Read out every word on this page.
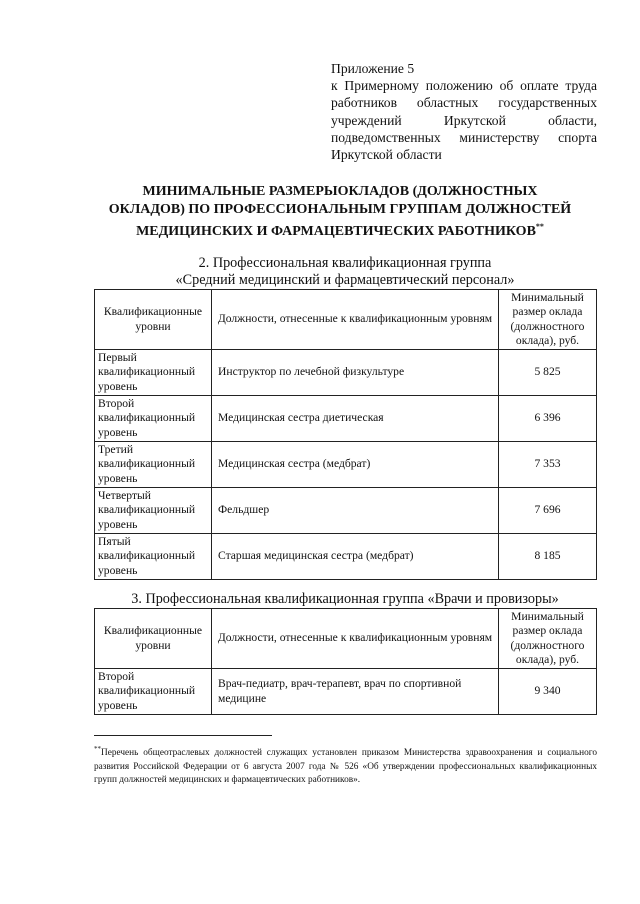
Приложение 5
к Примерному положению об оплате труда
работников областных государственных
учреждений Иркутской области,
подведомственных министерству спорта
Иркутской области
МИНИМАЛЬНЫЕ РАЗМЕРЫОКЛАДОВ (ДОЛЖНОСТНЫХ
ОКЛАДОВ) ПО ПРОФЕССИОНАЛЬНЫМ ГРУППАМ ДОЛЖНОСТЕЙ
МЕДИЦИНСКИХ И ФАРМАЦЕВТИЧЕСКИХ РАБОТНИКОВ**
2. Профессиональная квалификационная группа
«Средний медицинский и фармацевтический персонал»
Квалификационные уровни	Должности, отнесенные к квалификационным уровням	Минимальный размер оклада (должностного оклада), руб.
Первый квалификационный уровень	Инструктор по лечебной физкультуре	5 825
Второй квалификационный уровень	Медицинская сестра диетическая	6 396
Третий квалификационный уровень	Медицинская сестра (медбрат)	7 353
Четвертый квалификационный уровень	Фельдшер	7 696
Пятый квалификационный уровень	Старшая медицинская сестра (медбрат)	8 185
3. Профессиональная квалификационная группа «Врачи и провизоры»
Квалификационные уровни	Должности, отнесенные к квалификационным уровням	Минимальный размер оклада (должностного оклада), руб.
Второй квалификационный уровень	Врач-педиатр, врач-терапевт, врач по спортивной медицине	9 340
**Перечень общеотраслевых должностей служащих установлен приказом Министерства здравоохранения и социального развития Российской Федерации от 6 августа 2007 года № 526 «Об утверждении профессиональных квалификационных групп должностей медицинских и фармацевтических работников».
